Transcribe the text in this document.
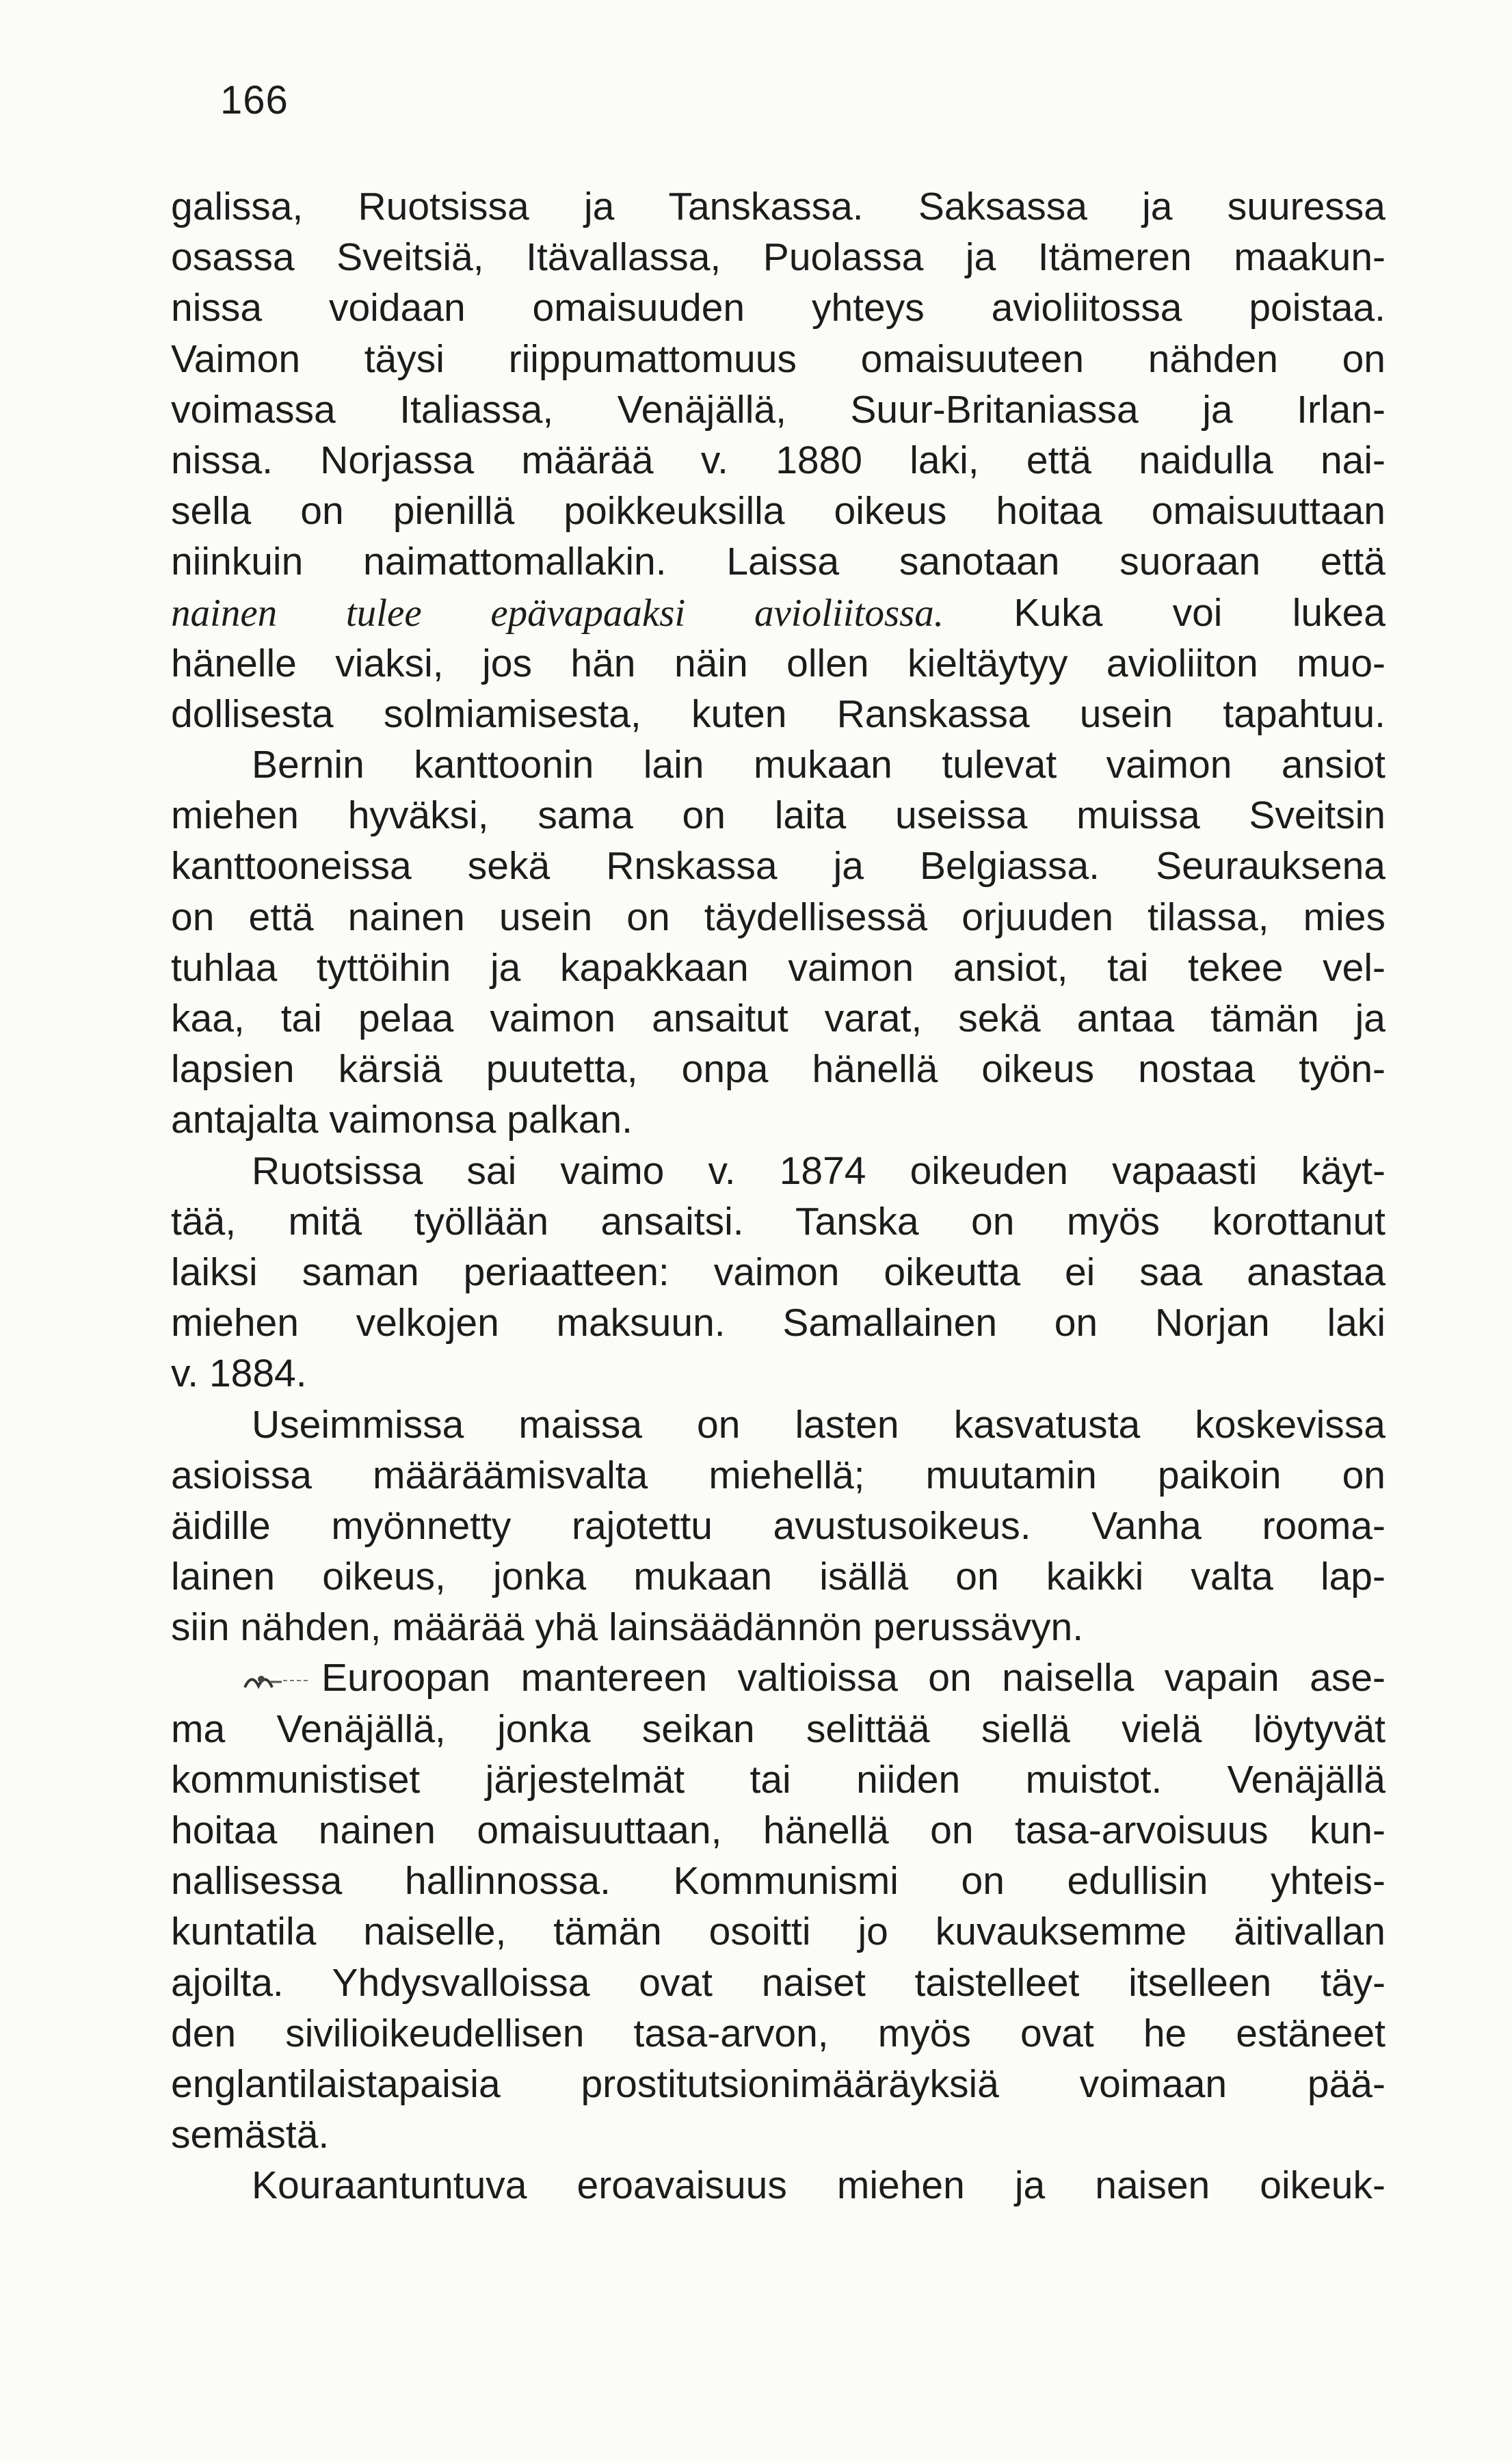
166
galissa, Ruotsissa ja Tanskassa. Saksassa ja suuressa
osassa Sveitsiä, Itävallassa, Puolassa ja Itämeren maakun-
nissa voidaan omaisuuden yhteys avioliitossa poistaa.
Vaimon täysi riippumattomuus omaisuuteen nähden on
voimassa Italiassa, Venäjällä, Suur-Britaniassa ja Irlan-
nissa. Norjassa määrää v. 1880 laki, että naidulla nai-
sella on pienillä poikkeuksilla oikeus hoitaa omaisuuttaan
niinkuin naimattomallakin. Laissa sanotaan suoraan että
nainen tulee epävapaaksi avioliitossa. Kuka voi lukea
hänelle viaksi, jos hän näin ollen kieltäytyy avioliiton muo-
dollisesta solmiamisesta, kuten Ranskassa usein tapahtuu.
Bernin kanttoonin lain mukaan tulevat vaimon ansiot
miehen hyväksi, sama on laita useissa muissa Sveitsin
kanttooneissa sekä Rnskassa ja Belgiassa. Seurauksena
on että nainen usein on täydellisessä orjuuden tilassa, mies
tuhlaa tyttöihin ja kapakkaan vaimon ansiot, tai tekee vel-
kaa, tai pelaa vaimon ansaitut varat, sekä antaa tämän ja
lapsien kärsiä puutetta, onpa hänellä oikeus nostaa työn-
antajalta vaimonsa palkan.
Ruotsissa sai vaimo v. 1874 oikeuden vapaasti käyt-
tää, mitä työllään ansaitsi. Tanska on myös korottanut
laiksi saman periaatteen: vaimon oikeutta ei saa anastaa
miehen velkojen maksuun. Samallainen on Norjan laki
v. 1884.
Useimmissa maissa on lasten kasvatusta koskevissa
asioissa määräämisvalta miehellä; muutamin paikoin on
äidille myönnetty rajotettu avustusoikeus. Vanha rooma-
lainen oikeus, jonka mukaan isällä on kaikki valta lap-
siin nähden, määrää yhä lainsäädännön perussävyn.
Euroopan mantereen valtioissa on naisella vapain ase-
ma Venäjällä, jonka seikan selittää siellä vielä löytyvät
kommunistiset järjestelmät tai niiden muistot. Venäjällä
hoitaa nainen omaisuuttaan, hänellä on tasa-arvoisuus kun-
nallisessa hallinnossa. Kommunismi on edullisin yhteis-
kuntatila naiselle, tämän osoitti jo kuvauksemme äitivallan
ajoilta. Yhdysvalloissa ovat naiset taistelleet itselleen täy-
den sivilioikeudellisen tasa-arvon, myös ovat he estäneet
englantilaistapaisia prostitutsionimääräyksiä voimaan pää-
semästä.
Kouraantuntuva eroavaisuus miehen ja naisen oikeuk-
